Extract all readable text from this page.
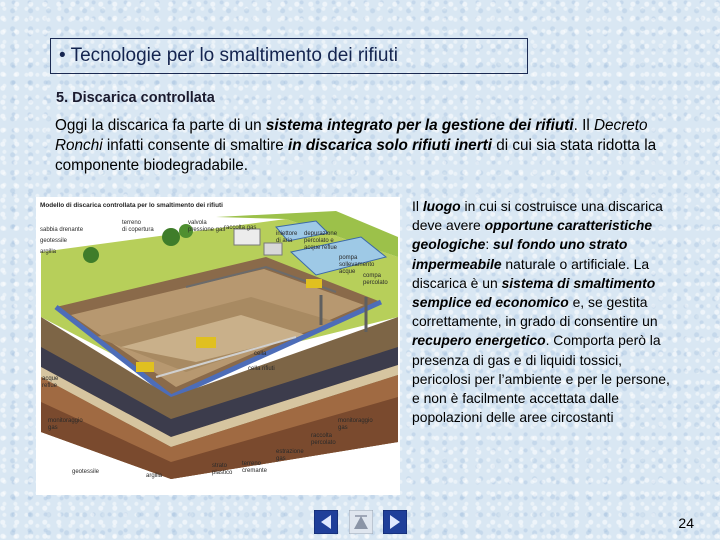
• Tecnologie per lo smaltimento dei rifiuti
5. Discarica controllata
Oggi la discarica fa parte di un sistema integrato per la gestione dei rifiuti. Il Decreto Ronchi infatti consente di smaltire in discarica solo rifiuti inerti di cui sia stata ridotta la componente biodegradabile.
Modello di discarica controllata per lo smaltimento dei rifiuti
terreno
di copertura
valvola
pressione gas
raccolta gas
iniettore
di aria
depurazione
percolato e
acque reflue
sabbia drenante
geotessile
argilla
pompa
sollevamento
acque
compa
percolato
cella
cella rifiuti
acque
reflue
monitoraggio
gas
monitoraggio
gas
raccolta
percolato
estrazione
gas
geotessile
strato
plastico
terreno
cremante
argilla
Il luogo in cui si costruisce una discarica deve avere opportune caratteristiche geologiche: sul fondo uno strato impermeabile naturale o artificiale. La discarica è un sistema di smaltimento semplice ed economico e, se gestita correttamente, in grado di consentire un recupero energetico. Comporta però la presenza di gas e di liquidi tossici, pericolosi per l’ambiente e per le persone, e non è facilmente accettata dalle popolazioni delle aree circostanti
24
